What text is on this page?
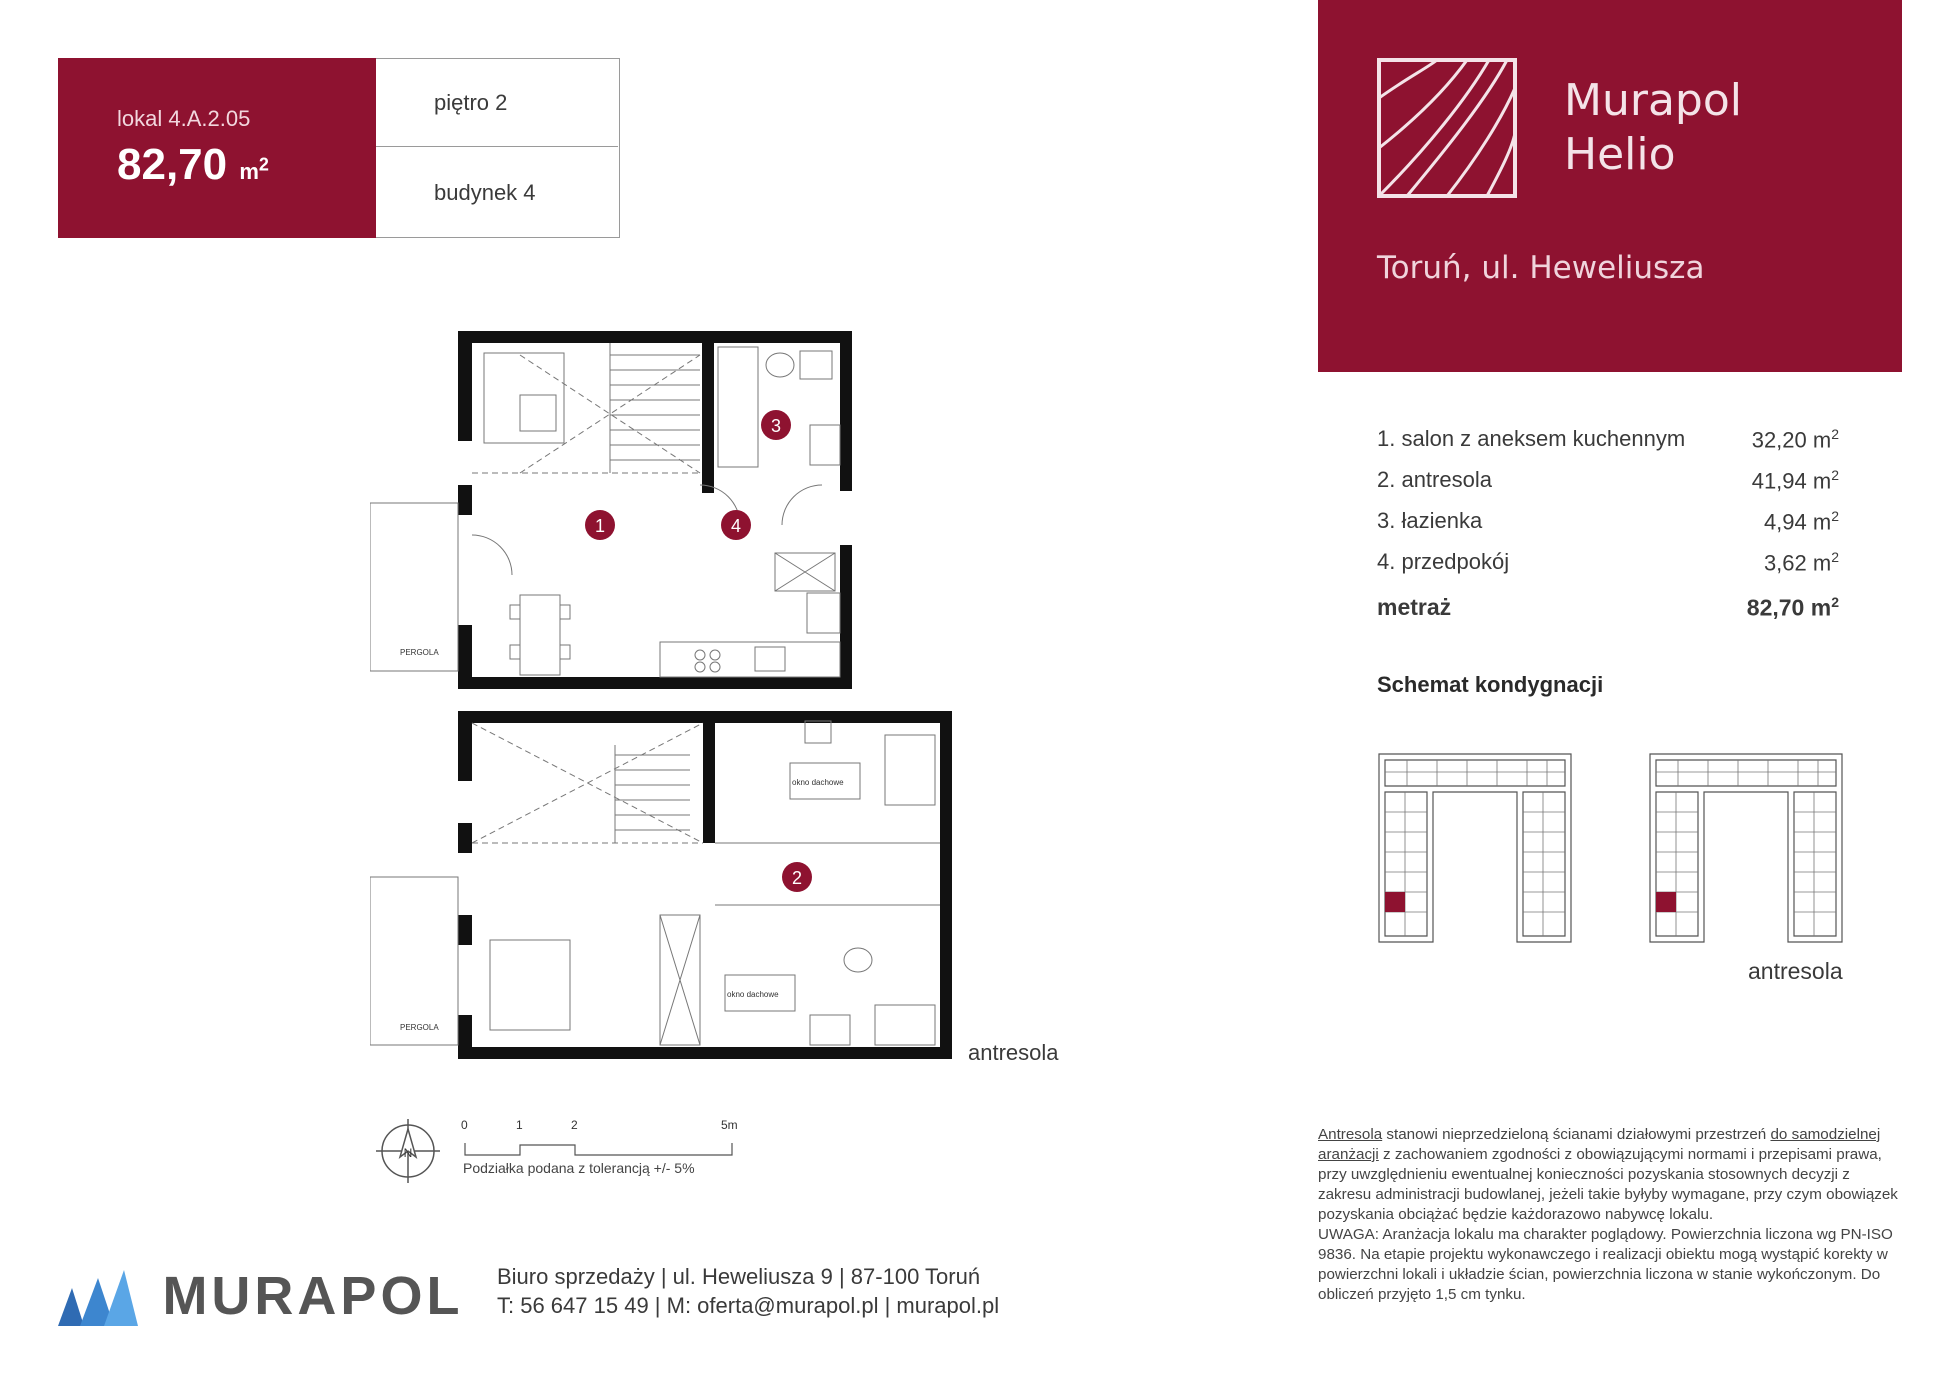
lokal 4.A.2.05
82,70 $m^2$
piętro 2
budynek 4
Murapol
Helio
Toruń, ul. Heweliusza
1. salon z aneksem kuchennym	32,20 $m^2$
2. antresola	41,94 $m^2$
3. łazienka	4,94 $m^2$
4. przedpokój	3,62 $m^2$
metraż	82,70 $m^2$
Schemat kondygnacji
antresola
1	4
3
2
PERGOLA
PERGOLA
okno dachowe
okno dachowe
antresola
N
0	1	2	5m
Podziałka podana z tolerancją +/- 5%
MURAPOL Biuro sprzedaży | ul. Heweliusza 9 | 87-100 Toruń
T: 56 647 15 49 | M: oferta@murapol.pl | murapol.pl
Antresola stanowi nieprzedzieloną ścianami działowymi przestrzeń do samodzielnej aranżacji z zachowaniem zgodności z obowiązującymi normami i przepisami prawa, przy uwzględnieniu ewentualnej konieczności pozyskania stosownych decyzji z zakresu administracji budowlanej, jeżeli takie byłyby wymagane, przy czym obowiązek pozyskania obciążać będzie każdorazowo nabywcę lokalu.
UWAGA: Aranżacja lokalu ma charakter poglądowy. Powierzchnia liczona wg PN-ISO 9836. Na etapie projektu wykonawczego i realizacji obiektu mogą wystąpić korekty w powierzchni lokali i układzie ścian, powierzchnia liczona w stanie wykończonym. Do obliczeń przyjęto 1,5 cm tynku.
